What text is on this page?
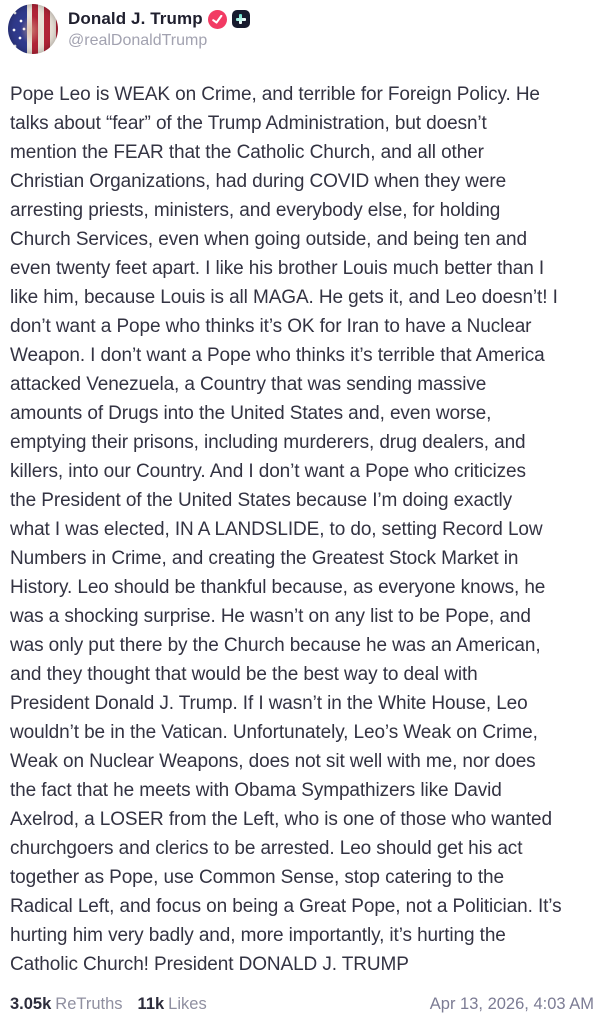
Donald J. Trump
@realDonaldTrump
Pope Leo is WEAK on Crime, and terrible for Foreign Policy. He
talks about “fear” of the Trump Administration, but doesn’t
mention the FEAR that the Catholic Church, and all other
Christian Organizations, had during COVID when they were
arresting priests, ministers, and everybody else, for holding
Church Services, even when going outside, and being ten and
even twenty feet apart. I like his brother Louis much better than I
like him, because Louis is all MAGA. He gets it, and Leo doesn’t! I
don’t want a Pope who thinks it’s OK for Iran to have a Nuclear
Weapon. I don’t want a Pope who thinks it’s terrible that America
attacked Venezuela, a Country that was sending massive
amounts of Drugs into the United States and, even worse,
emptying their prisons, including murderers, drug dealers, and
killers, into our Country. And I don’t want a Pope who criticizes
the President of the United States because I’m doing exactly
what I was elected, IN A LANDSLIDE, to do, setting Record Low
Numbers in Crime, and creating the Greatest Stock Market in
History. Leo should be thankful because, as everyone knows, he
was a shocking surprise. He wasn’t on any list to be Pope, and
was only put there by the Church because he was an American,
and they thought that would be the best way to deal with
President Donald J. Trump. If I wasn’t in the White House, Leo
wouldn’t be in the Vatican. Unfortunately, Leo’s Weak on Crime,
Weak on Nuclear Weapons, does not sit well with me, nor does
the fact that he meets with Obama Sympathizers like David
Axelrod, a LOSER from the Left, who is one of those who wanted
churchgoers and clerics to be arrested. Leo should get his act
together as Pope, use Common Sense, stop catering to the
Radical Left, and focus on being a Great Pope, not a Politician. It’s
hurting him very badly and, more importantly, it’s hurting the
Catholic Church! President DONALD J. TRUMP
3.05k ReTruths 11k Likes	Apr 13, 2026, 4:03 AM
